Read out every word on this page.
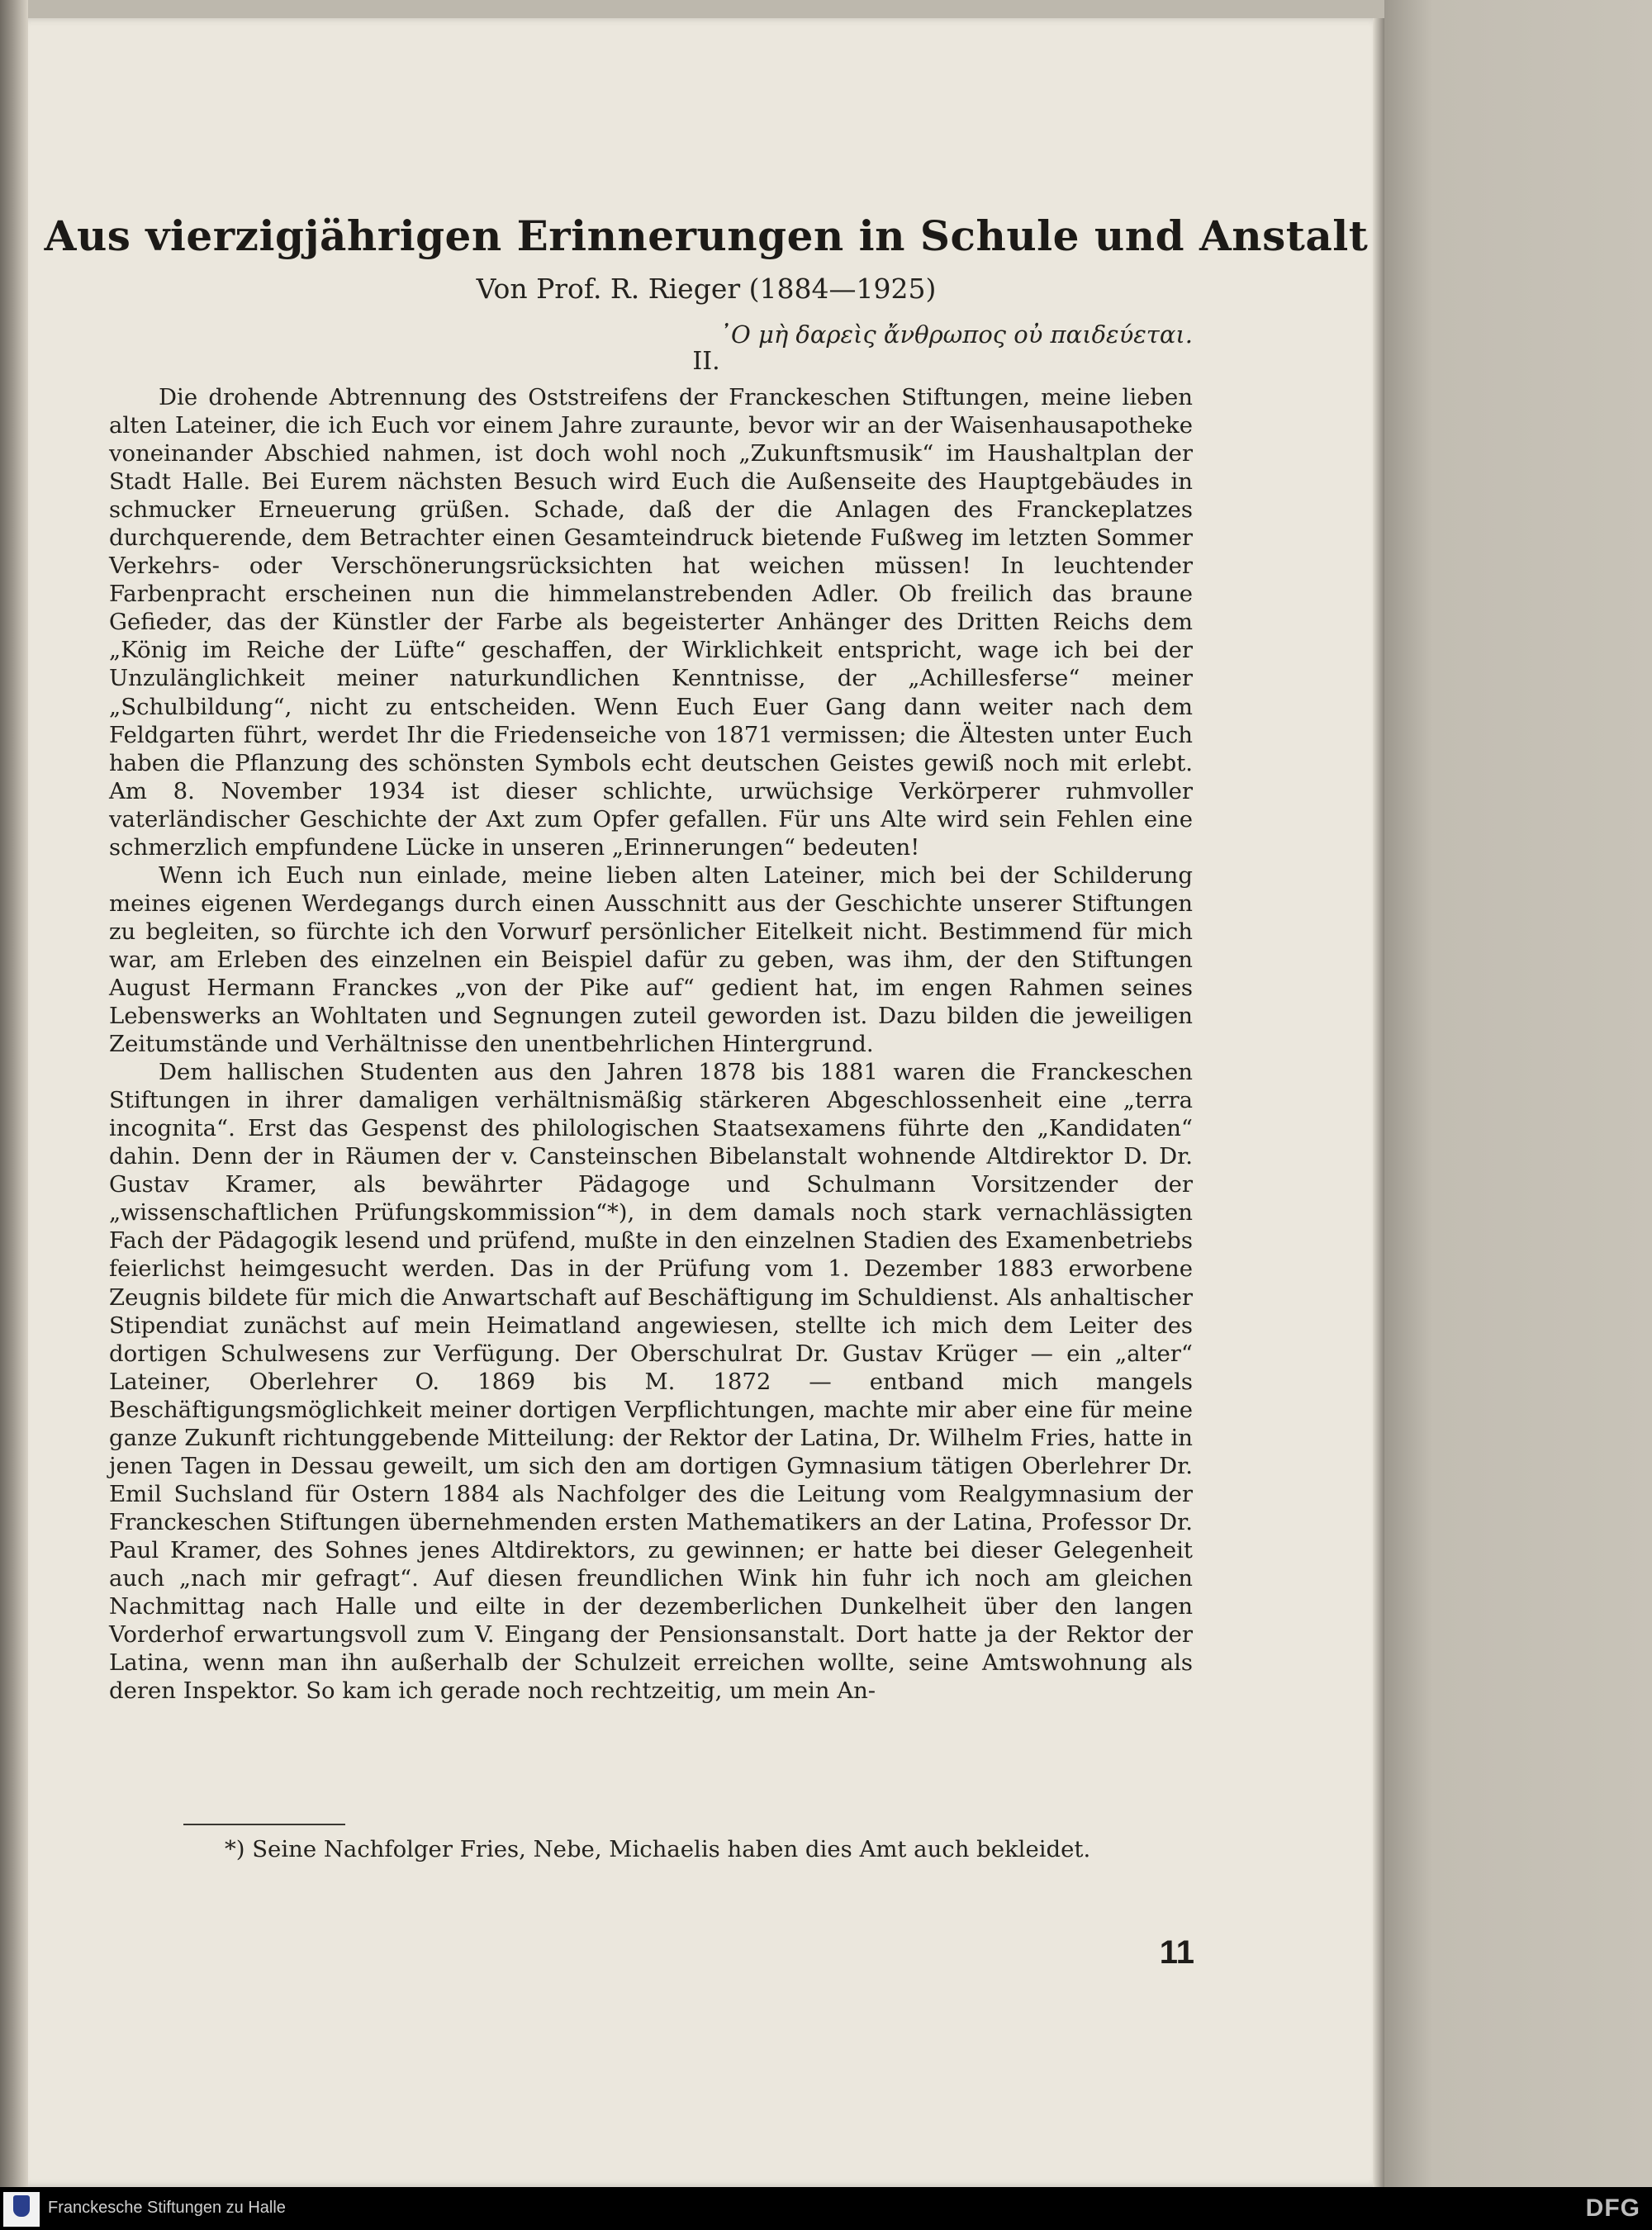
Aus vierzigjährigen Erinnerungen in Schule und Anstalt
Von Prof. R. Rieger (1884—1925)
᾿Ο μὴ δαρεὶς ἄνθρωπος οὐ παιδεύεται.
II.

Die drohende Abtrennung des Oststreifens der Franckeschen Stiftungen, meine lieben alten Lateiner, die ich Euch vor einem Jahre zuraunte, bevor wir an der Waisenhausapotheke voneinander Abschied nahmen, ist doch wohl noch „Zukunftsmusik“ im Haushaltplan der Stadt Halle. Bei Eurem nächsten Besuch wird Euch die Außenseite des Hauptgebäudes in schmucker Erneuerung grüßen. Schade, daß der die Anlagen des Franckeplatzes durchquerende, dem Betrachter einen Gesamteindruck bietende Fußweg im letzten Sommer Verkehrs- oder Verschönerungsrücksichten hat weichen müssen! In leuchtender Farbenpracht erscheinen nun die himmelanstrebenden Adler. Ob freilich das braune Gefieder, das der Künstler der Farbe als begeisterter Anhänger des Dritten Reichs dem „König im Reiche der Lüfte“ geschaffen, der Wirklichkeit entspricht, wage ich bei der Unzulänglichkeit meiner naturkundlichen Kenntnisse, der „Achillesferse“ meiner „Schulbildung“, nicht zu entscheiden. Wenn Euch Euer Gang dann weiter nach dem Feldgarten führt, werdet Ihr die Friedenseiche von 1871 vermissen; die Ältesten unter Euch haben die Pflanzung des schönsten Symbols echt deutschen Geistes gewiß noch mit erlebt. Am 8. November 1934 ist dieser schlichte, urwüchsige Verkörperer ruhmvoller vaterländischer Geschichte der Axt zum Opfer gefallen. Für uns Alte wird sein Fehlen eine schmerzlich empfundene Lücke in unseren „Erinnerungen“ bedeuten!

Wenn ich Euch nun einlade, meine lieben alten Lateiner, mich bei der Schilderung meines eigenen Werdegangs durch einen Ausschnitt aus der Geschichte unserer Stiftungen zu begleiten, so fürchte ich den Vorwurf persönlicher Eitelkeit nicht. Bestimmend für mich war, am Erleben des einzelnen ein Beispiel dafür zu geben, was ihm, der den Stiftungen August Hermann Franckes „von der Pike auf“ gedient hat, im engen Rahmen seines Lebenswerks an Wohltaten und Segnungen zuteil geworden ist. Dazu bilden die jeweiligen Zeitumstände und Verhältnisse den unentbehrlichen Hintergrund.

Dem hallischen Studenten aus den Jahren 1878 bis 1881 waren die Franckeschen Stiftungen in ihrer damaligen verhältnismäßig stärkeren Abgeschlossenheit eine „terra incognita“. Erst das Gespenst des philologischen Staatsexamens führte den „Kandidaten“ dahin. Denn der in Räumen der v. Cansteinschen Bibelanstalt wohnende Altdirektor D. Dr. Gustav Kramer, als bewährter Pädagoge und Schulmann Vorsitzender der „wissenschaftlichen Prüfungskommission“*), in dem damals noch stark vernachlässigten Fach der Pädagogik lesend und prüfend, mußte in den einzelnen Stadien des Examenbetriebs feierlichst heimgesucht werden. Das in der Prüfung vom 1. Dezember 1883 erworbene Zeugnis bildete für mich die Anwartschaft auf Beschäftigung im Schuldienst. Als anhaltischer Stipendiat zunächst auf mein Heimatland angewiesen, stellte ich mich dem Leiter des dortigen Schulwesens zur Verfügung. Der Oberschulrat Dr. Gustav Krüger — ein „alter“ Lateiner, Oberlehrer O. 1869 bis M. 1872 — entband mich mangels Beschäftigungsmöglichkeit meiner dortigen Verpflichtungen, machte mir aber eine für meine ganze Zukunft richtunggebende Mitteilung: der Rektor der Latina, Dr. Wilhelm Fries, hatte in jenen Tagen in Dessau geweilt, um sich den am dortigen Gymnasium tätigen Oberlehrer Dr. Emil Suchsland für Ostern 1884 als Nachfolger des die Leitung vom Realgymnasium der Franckeschen Stiftungen übernehmenden ersten Mathematikers an der Latina, Professor Dr. Paul Kramer, des Sohnes jenes Altdirektors, zu gewinnen; er hatte bei dieser Gelegenheit auch „nach mir gefragt“. Auf diesen freundlichen Wink hin fuhr ich noch am gleichen Nachmittag nach Halle und eilte in der dezemberlichen Dunkelheit über den langen Vorderhof erwartungsvoll zum V. Eingang der Pensionsanstalt. Dort hatte ja der Rektor der Latina, wenn man ihn außerhalb der Schulzeit erreichen wollte, seine Amtswohnung als deren Inspektor. So kam ich gerade noch rechtzeitig, um mein An-

*) Seine Nachfolger Fries, Nebe, Michaelis haben dies Amt auch bekleidet.
11
Franckesche Stiftungen zu Halle	DFG
